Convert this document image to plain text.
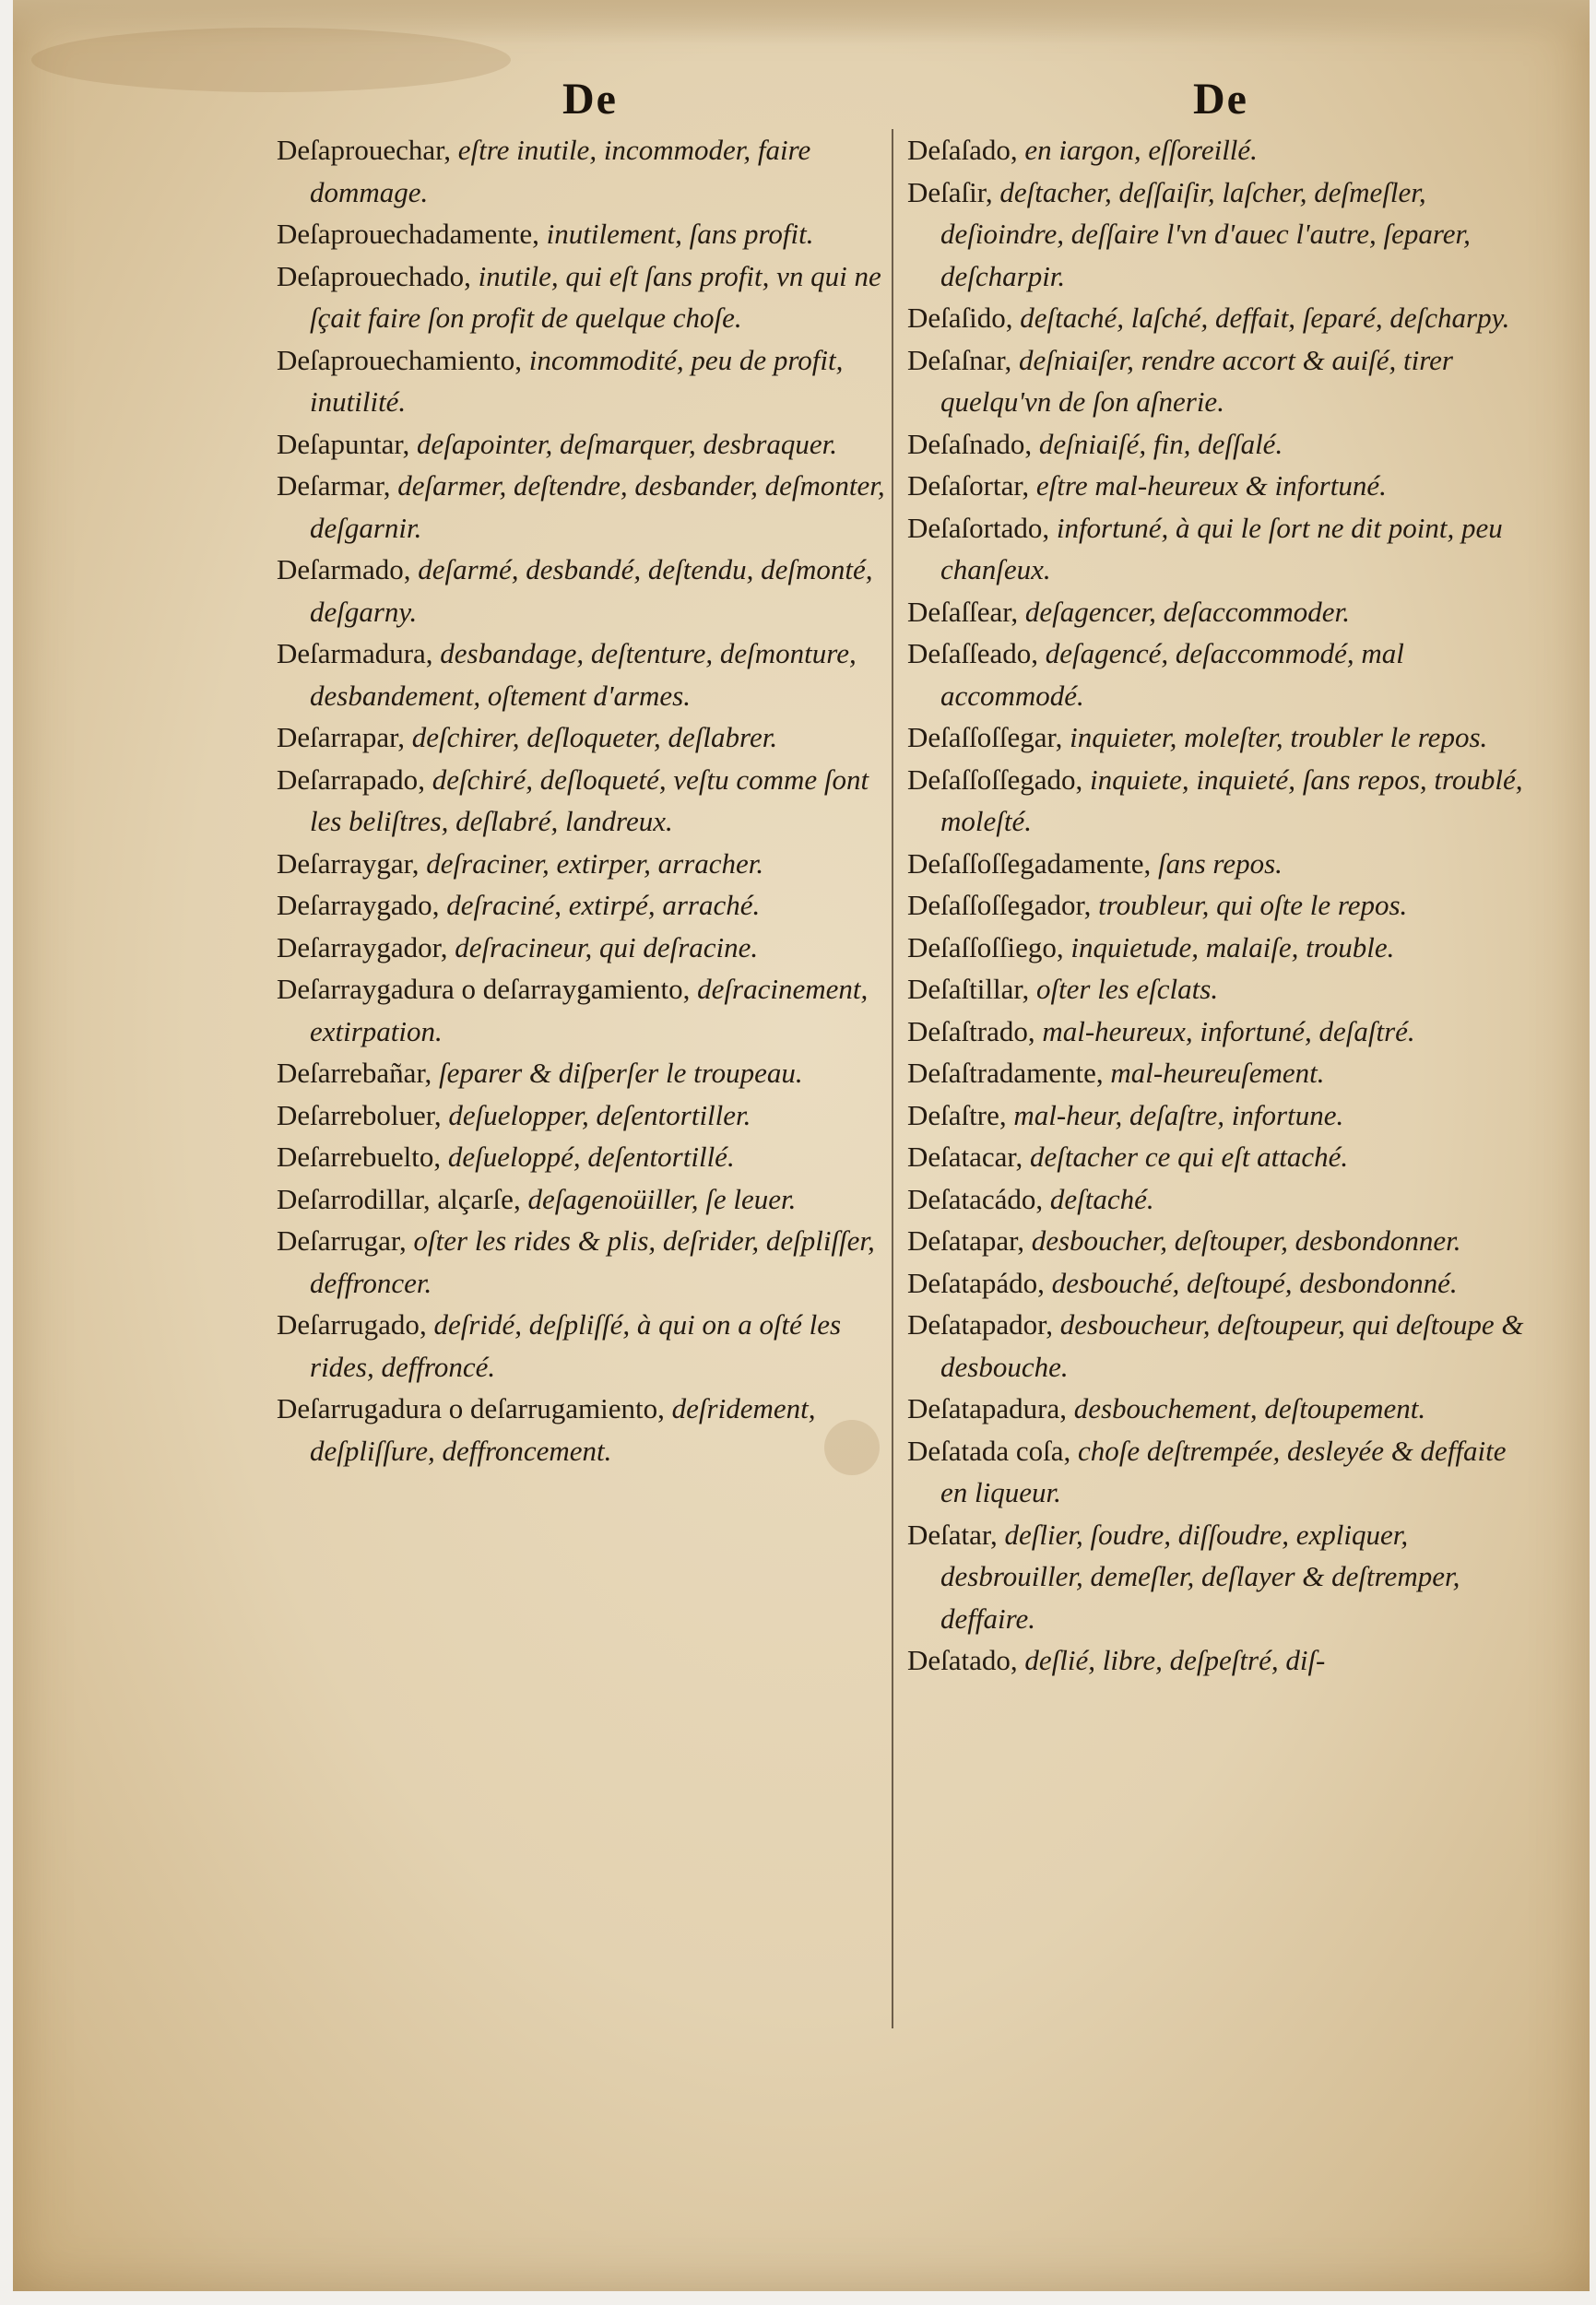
De

Deſaprouechar, eſtre inutile, incommoder, faire dommage.

Deſaprouechadamente, inutilement, ſans profit.

Deſaprouechado, inutile, qui eſt ſans profit, vn qui ne ſçait faire ſon profit de quelque choſe.

Deſaprouechamiento, incommodité, peu de profit, inutilité.

Deſapuntar, deſapointer, deſmarquer, desbraquer.

Deſarmar, deſarmer, deſtendre, desbander, deſmonter, deſgarnir.

Deſarmado, deſarmé, desbandé, deſtendu, deſmonté, deſgarny.

Deſarmadura, desbandage, deſtenture, deſmonture, desbandement, oſtement d'armes.

Deſarrapar, deſchirer, deſloqueter, deſlabrer.

Deſarrapado, deſchiré, deſloqueté, veſtu comme ſont les beliſtres, deſlabré, landreux.

Deſarraygar, deſraciner, extirper, arracher.

Deſarraygado, deſraciné, extirpé, arraché.

Deſarraygador, deſracineur, qui deſracine.

Deſarraygadura o deſarraygamiento, deſracinement, extirpation.

Deſarrebañar, ſeparer & diſperſer le troupeau.

Deſarreboluer, deſuelopper, deſentortiller.

Deſarrebuelto, deſueloppé, deſentortillé.

Deſarrodillar, alçarſe, deſagenoüiller, ſe leuer.

Deſarrugar, oſter les rides & plis, deſrider, deſpliſſer, deffroncer.

Deſarrugado, deſridé, deſpliſſé, à qui on a oſté les rides, deffroncé.

Deſarrugadura o deſarrugamiento, deſridement, deſpliſſure, deffroncement.

De

Deſaſado, en iargon, eſſoreillé.

Deſaſir, deſtacher, deſſaiſir, laſcher, deſmeſler, deſioindre, deſſaire l'vn d'auec l'autre, ſeparer, deſcharpir.

Deſaſido, deſtaché, laſché, deffait, ſeparé, deſcharpy.

Deſaſnar, deſniaiſer, rendre accort & auiſé, tirer quelqu'vn de ſon aſnerie.

Deſaſnado, deſniaiſé, fin, deſſalé.

Deſaſortar, eſtre mal-heureux & infortuné.

Deſaſortado, infortuné, à qui le ſort ne dit point, peu chanſeux.

Deſaſſear, deſagencer, deſaccommoder.

Deſaſſeado, deſagencé, deſaccommodé, mal accommodé.

Deſaſſoſſegar, inquieter, moleſter, troubler le repos.

Deſaſſoſſegado, inquiete, inquieté, ſans repos, troublé, moleſté.

Deſaſſoſſegadamente, ſans repos.

Deſaſſoſſegador, troubleur, qui oſte le repos.

Deſaſſoſſiego, inquietude, malaiſe, trouble.

Deſaſtillar, oſter les eſclats.

Deſaſtrado, mal-heureux, infortuné, deſaſtré.

Deſaſtradamente, mal-heureuſement.

Deſaſtre, mal-heur, deſaſtre, infortune.

Deſatacar, deſtacher ce qui eſt attaché.

Deſatacádo, deſtaché.

Deſatapar, desboucher, deſtouper, desbondonner.

Deſatapádo, desbouché, deſtoupé, desbondonné.

Deſatapador, desboucheur, deſtoupeur, qui deſtoupe & desbouche.

Deſatapadura, desbouchement, deſtoupement.

Deſatada coſa, choſe deſtrempée, desleyée & deffaite en liqueur.

Deſatar, deſlier, ſoudre, diſſoudre, expliquer, desbrouiller, demeſler, deſlayer & deſtremper, deffaire.

Deſatado, deſlié, libre, deſpeſtré, diſ-
